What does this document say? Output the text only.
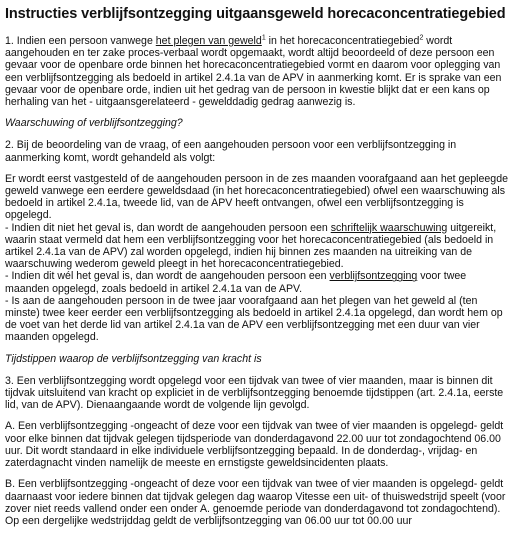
Instructies verblijfsontzegging uitgaansgeweld horecaconcentratiegebied

1. Indien een persoon vanwege het plegen van geweld$^1$ in het horecaconcentratiegebied$^2$ wordt aangehouden en ter zake proces-verbaal wordt opgemaakt, wordt altijd beoordeeld of deze persoon een gevaar voor de openbare orde binnen het horecaconcentratiegebied vormt en daarom voor oplegging van een verblijfsontzegging als bedoeld in artikel 2.4.1a van de APV in aanmerking komt. Er is sprake van een gevaar voor de openbare orde, indien uit het gedrag van de persoon in kwestie blijkt dat er een kans op herhaling van het - uitgaansgerelateerd - gewelddadig gedrag aanwezig is.

Waarschuwing of verblijfsontzegging?

2. Bij de beoordeling van de vraag, of een aangehouden persoon voor een verblijfsontzegging in aanmerking komt, wordt gehandeld als volgt:

Er wordt eerst vastgesteld of de aangehouden persoon in de zes maanden voorafgaand aan het gepleegde geweld vanwege een eerdere geweldsdaad (in het horecaconcentratiegebied) ofwel een waarschuwing als bedoeld in artikel 2.4.1a, tweede lid, van de APV heeft ontvangen, ofwel een verblijfsontzegging is opgelegd.

- Indien dit niet het geval is, dan wordt de aangehouden persoon een schriftelijk waarschuwing uitgereikt, waarin staat vermeld dat hem een verblijfsontzegging voor het horecaconcentratiegebied (als bedoeld in artikel 2.4.1a van de APV) zal worden opgelegd, indien hij binnen zes maanden na uitreiking van de waarschuwing wederom geweld pleegt in het horecaconcentratiegebied.

- Indien dit wél het geval is, dan wordt de aangehouden persoon een verblijfsontzegging voor twee maanden opgelegd, zoals bedoeld in artikel 2.4.1a van de APV.

- Is aan de aangehouden persoon in de twee jaar voorafgaand aan het plegen van het geweld al (ten minste) twee keer eerder een verblijfsontzegging als bedoeld in artikel 2.4.1a opgelegd, dan wordt hem op de voet van het derde lid van artikel 2.4.1a van de APV een verblijfsontzegging met een duur van vier maanden opgelegd.

Tijdstippen waarop de verblijfsontzegging van kracht is

3. Een verblijfsontzegging wordt opgelegd voor een tijdvak van twee of vier maanden, maar is binnen dit tijdvak uitsluitend van kracht op expliciet in de verblijfsontzegging benoemde tijdstippen (art. 2.4.1a, eerste lid, van de APV). Dienaangaande wordt de volgende lijn gevolgd.

A. Een verblijfsontzegging -ongeacht of deze voor een tijdvak van twee of vier maanden is opgelegd- geldt voor elke binnen dat tijdvak gelegen tijdsperiode van donderdagavond 22.00 uur tot zondagochtend 06.00 uur. Dit wordt standaard in elke individuele verblijfsontzegging bepaald. In de donderdag-, vrijdag- en zaterdagnacht vinden namelijk de meeste en ernstigste geweldsincidenten plaats.

B. Een verblijfsontzegging -ongeacht of deze voor een tijdvak van twee of vier maanden is opgelegd- geldt daarnaast voor iedere binnen dat tijdvak gelegen dag waarop Vitesse een uit- of thuiswedstrijd speelt (voor zover niet reeds vallend onder een onder A. genoemde periode van donderdagavond tot zondagochtend). Op een dergelijke wedstrijddag geldt de verblijfsontzegging van 06.00 uur tot 00.00 uur
